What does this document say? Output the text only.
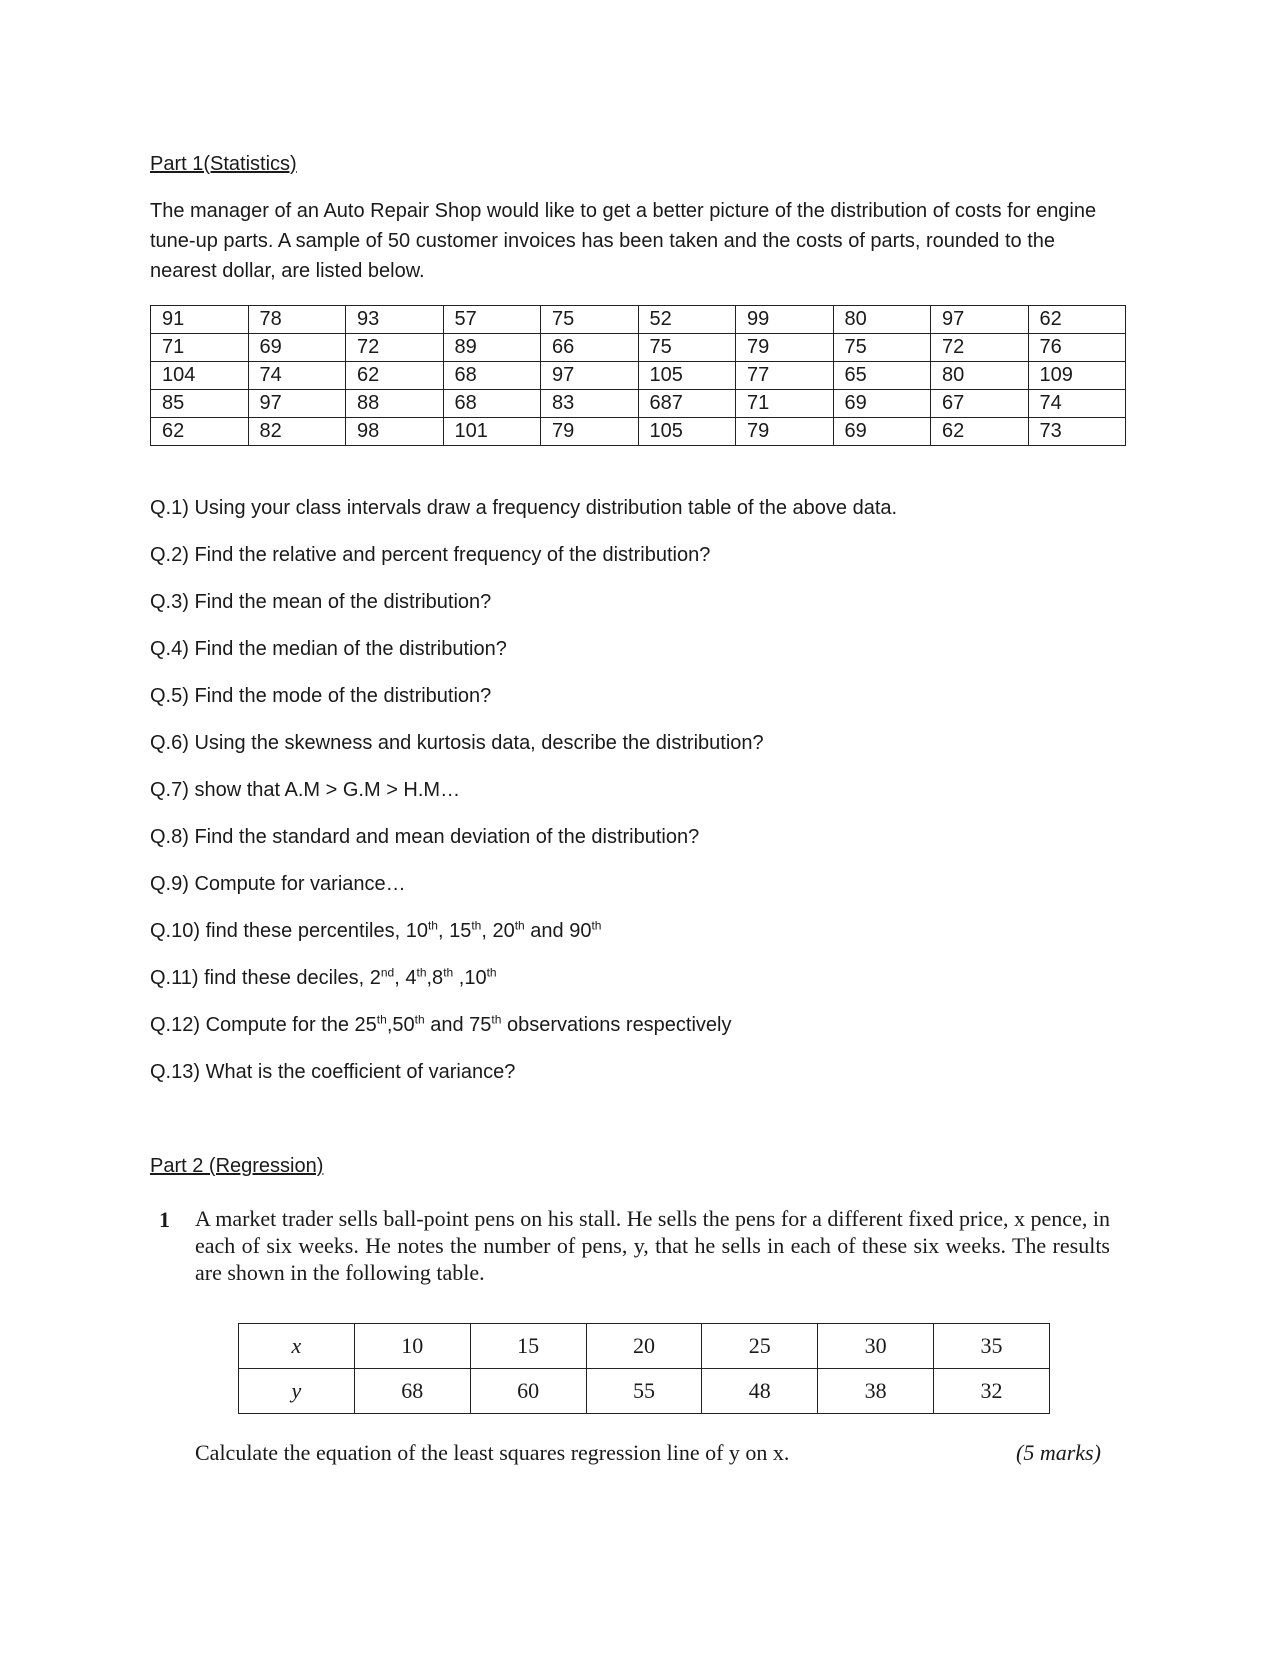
Part 1(Statistics)

The manager of an Auto Repair Shop would like to get a better picture of the distribution of costs for engine tune-up parts. A sample of 50 customer invoices has been taken and the costs of parts, rounded to the nearest dollar, are listed below.

91	78	93	57	75	52	99	80	97	62
71	69	72	89	66	75	79	75	72	76
104	74	62	68	97	105	77	65	80	109
85	97	88	68	83	687	71	69	67	74
62	82	98	101	79	105	79	69	62	73
Q.1) Using your class intervals draw a frequency distribution table of the above data.
Q.2) Find the relative and percent frequency of the distribution?
Q.3) Find the mean of the distribution?
Q.4) Find the median of the distribution?
Q.5) Find the mode of the distribution?
Q.6) Using the skewness and kurtosis data, describe the distribution?
Q.7) show that A.M > G.M > H.M…
Q.8) Find the standard and mean deviation of the distribution?
Q.9) Compute for variance…
Q.10) find these percentiles, 10th, 15th, 20th and 90th
Q.11) find these deciles, 2nd, 4th,8th ,10th
Q.12) Compute for the 25th,50th and 75th observations respectively
Q.13) What is the coefficient of variance?
Part 2 (Regression)
1 A market trader sells ball-point pens on his stall. He sells the pens for a different fixed price, x pence, in each of six weeks. He notes the number of pens, y, that he sells in each of these six weeks. The results are shown in the following table.

x	10	15	20	25	30	35
y	68	60	55	48	38	32

Calculate the equation of the least squares regression line of y on x.	(5 marks)
